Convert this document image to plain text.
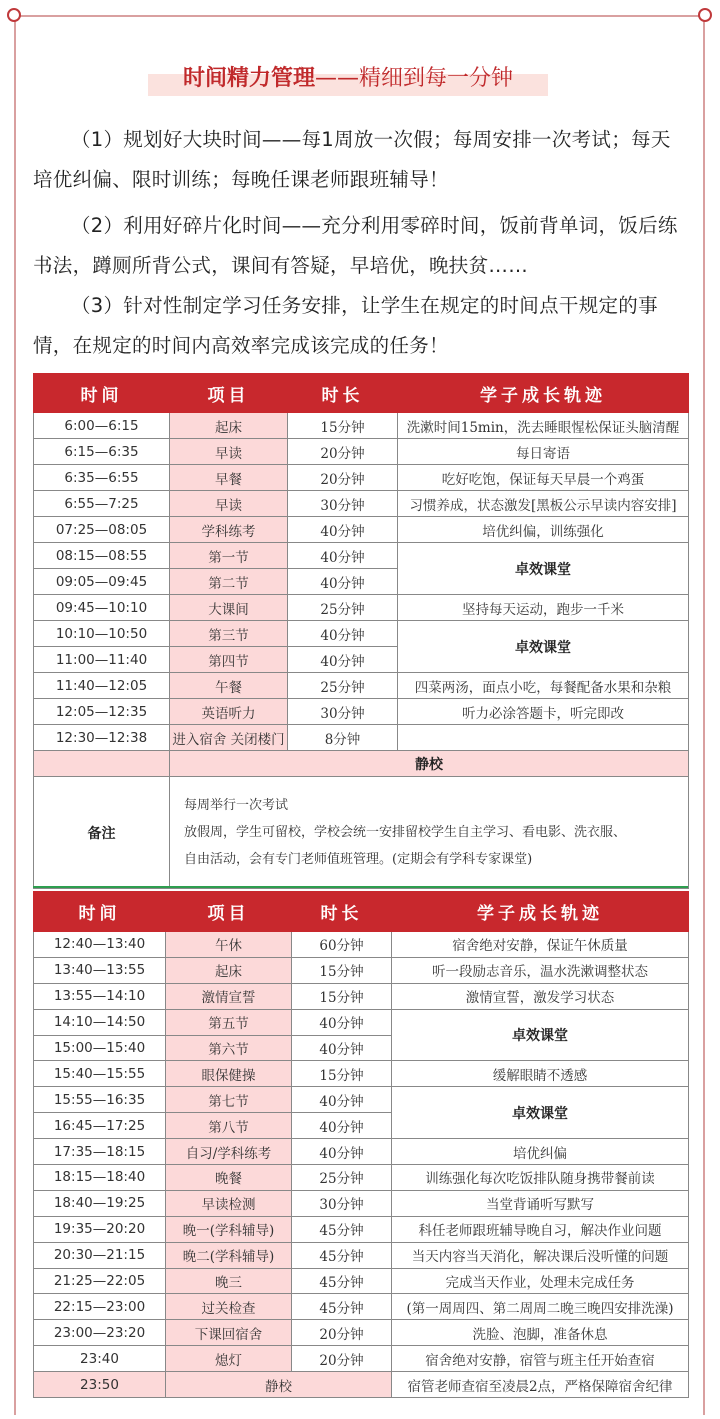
时间精力管理——精细到每一分钟
（1）规划好大块时间——每1周放一次假；每周安排一次考试；每天培优纠偏、限时训练；每晚任课老师跟班辅导！
（2）利用好碎片化时间——充分利用零碎时间，饭前背单词，饭后练书法，蹲厕所背公式，课间有答疑，早培优，晚扶贫……
（3）针对性制定学习任务安排，让学生在规定的时间点干规定的事情，在规定的时间内高效率完成该完成的任务！
时间	项目	时长	学子成长轨迹
6:00—6:15	起床	15分钟	洗漱时间15min，洗去睡眼惺松保证头脑清醒
6:15—6:35	早读	20分钟	每日寄语
6:35—6:55	早餐	20分钟	吃好吃饱，保证每天早晨一个鸡蛋
6:55—7:25	早读	30分钟	习惯养成，状态激发[黑板公示早读内容安排]
07:25—08:05	学科练考	40分钟	培优纠偏，训练强化
08:15—08:55	第一节	40分钟	卓效课堂
09:05—09:45	第二节	40分钟	
09:45—10:10	大课间	25分钟	坚持每天运动，跑步一千米
10:10—10:50	第三节	40分钟	卓效课堂
11:00—11:40	第四节	40分钟	
11:40—12:05	午餐	25分钟	四菜两汤，面点小吃，每餐配备水果和杂粮
12:05—12:35	英语听力	30分钟	听力必涂答题卡，听完即改
12:30—12:38	进入宿舍 关闭楼门	8分钟	
	静校		
备注	每周举行一次考试
放假周，学生可留校，学校会统一安排留校学生自主学习、看电影、洗衣服、
自由活动，会有专门老师值班管理。(定期会有学科专家课堂)		
时间	项目	时长	学子成长轨迹
12:40—13:40	午休	60分钟	宿舍绝对安静，保证午休质量
13:40—13:55	起床	15分钟	听一段励志音乐，温水洗漱调整状态
13:55—14:10	激情宣誓	15分钟	激情宣誓，激发学习状态
14:10—14:50	第五节	40分钟	卓效课堂
15:00—15:40	第六节	40分钟	
15:40—15:55	眼保健操	15分钟	缓解眼睛不透感
15:55—16:35	第七节	40分钟	卓效课堂
16:45—17:25	第八节	40分钟	
17:35—18:15	自习/学科练考	40分钟	培优纠偏
18:15—18:40	晚餐	25分钟	训练强化每次吃饭排队随身携带餐前读
18:40—19:25	早读检测	30分钟	当堂背诵听写默写
19:35—20:20	晚一(学科辅导)	45分钟	科任老师跟班辅导晚自习，解决作业问题
20:30—21:15	晚二(学科辅导)	45分钟	当天内容当天消化，解决课后没听懂的问题
21:25—22:05	晚三	45分钟	完成当天作业，处理未完成任务
22:15—23:00	过关检查	45分钟	(第一周周四、第二周周二晚三晚四安排洗澡)
23:00—23:20	下课回宿舍	20分钟	洗脸、泡脚，准备休息
23:40	熄灯	20分钟	宿舍绝对安静，宿管与班主任开始查宿
23:50	静校		宿管老师查宿至凌晨2点，严格保障宿舍纪律
